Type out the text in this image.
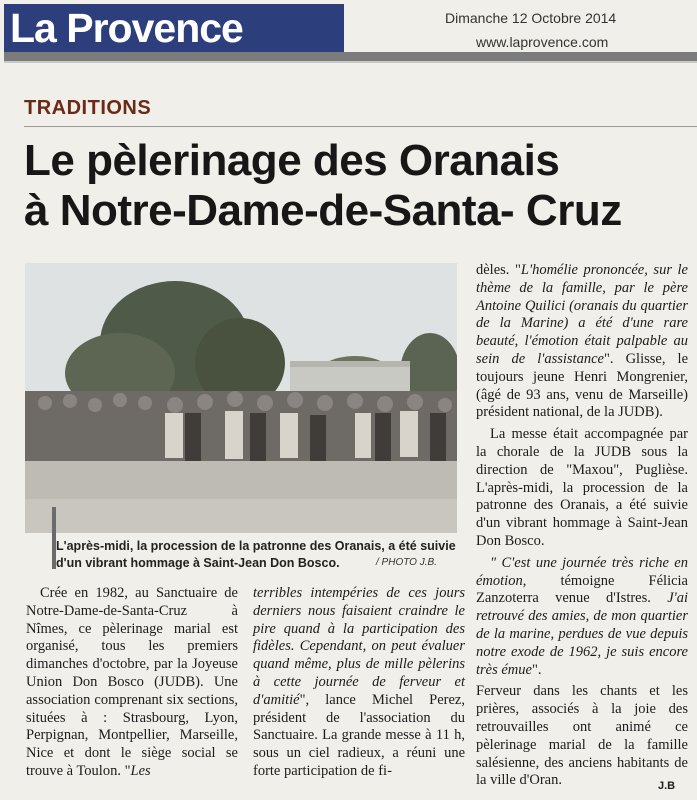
La Provence	Dimanche 12 Octobre 2014
www.laprovence.com
TRADITIONS
Le pèlerinage des Oranais
à Notre-Dame-de-Santa- Cruz
L'après-midi, la procession de la patronne des Oranais, a été suivie d'un vibrant hommage à Saint-Jean Don Bosco.	/ PHOTO J.B.

Crée en 1982, au Sanctuaire de Notre-Dame-de-Santa-Cruz à Nîmes, ce pèlerinage marial est organisé, tous les premiers dimanches d'octobre, par la Joyeuse Union Don Bosco (JUDB). Une association comprenant six sections, situées à : Strasbourg, Lyon, Perpignan, Montpellier, Marseille, Nice et dont le siège social se trouve à Toulon. "Les

terribles intempéries de ces jours derniers nous faisaient craindre le pire quand à la participation des fidèles. Cependant, on peut évaluer quand même, plus de mille pèlerins à cette journée de ferveur et d'amitié", lance Michel Perez, président de l'association du Sanctuaire. La grande messe à 11 h, sous un ciel radieux, a réuni une forte participation de fi-

dèles. "L'homélie prononcée, sur le thème de la famille, par le père Antoine Quilici (oranais du quartier de la Marine) a été d'une rare beauté, l'émotion était palpable au sein de l'assistance". Glisse, le toujours jeune Henri Mongrenier, (âgé de 93 ans, venu de Marseille) président national, de la JUDB).

La messe était accompagnée par la chorale de la JUDB sous la direction de "Maxou", Puglièse. L'après-midi, la procession de la patronne des Oranais, a été suivie d'un vibrant hommage à Saint-Jean Don Bosco.

" C'est une journée très riche en émotion, témoigne Félicia Zanzoterra venue d'Istres. J'ai retrouvé des amies, de mon quartier de la marine, perdues de vue depuis notre exode de 1962, je suis encore très émue".

Ferveur dans les chants et les prières, associés à la joie des retrouvailles ont animé ce pèlerinage marial de la famille salésienne, des anciens habitants de la ville d'Oran.	J.B
